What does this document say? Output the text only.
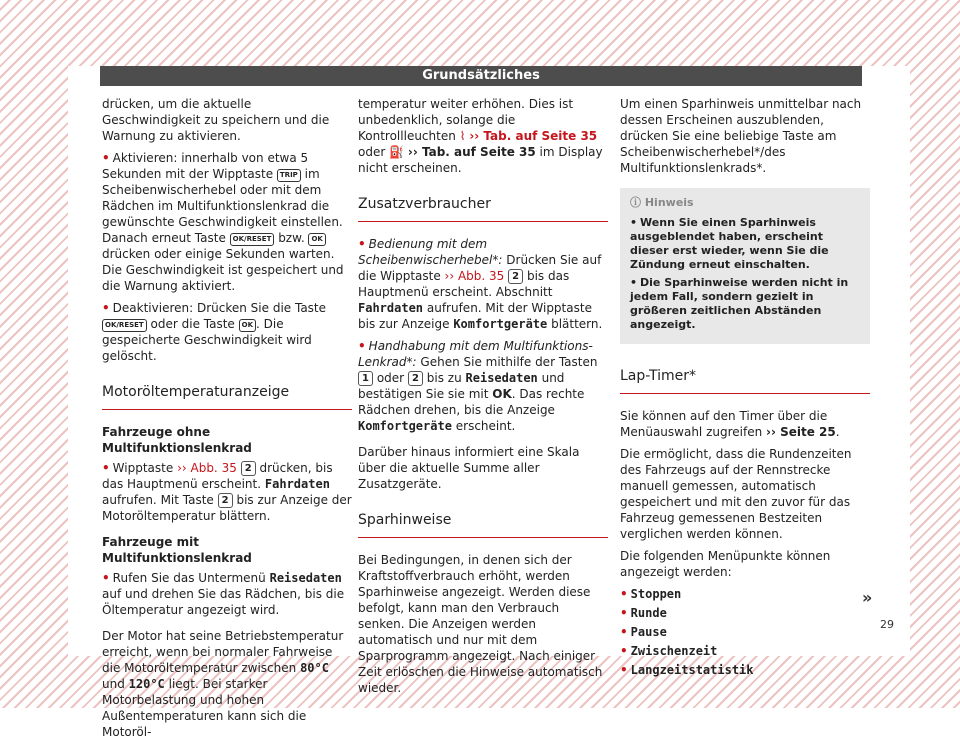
Grundsätzliches

drücken, um die aktuelle Geschwindigkeit zu speichern und die Warnung zu aktivieren.

• Aktivieren: innerhalb von etwa 5 Sekunden mit der Wipptaste TRIP im Scheibenwischerhebel oder mit dem Rädchen im Multifunktionslenkrad die gewünschte Geschwindigkeit einstellen. Danach erneut Taste OK/RESET bzw. OK drücken oder einige Sekunden warten. Die Geschwindigkeit ist gespeichert und die Warnung aktiviert.

• Deaktivieren: Drücken Sie die Taste OK/RESET oder die Taste OK . Die gespeicherte Geschwindigkeit wird gelöscht.

Motoröltemperaturanzeige
Fahrzeuge ohne Multifunktionslenkrad

• Wipptaste ›› Abb. 35 2 drücken, bis das Hauptmenü erscheint. Fahrdaten aufrufen. Mit Taste 2 bis zur Anzeige der Motoröltemperatur blättern.

Fahrzeuge mit Multifunktionslenkrad

• Rufen Sie das Untermenü Reisedaten auf und drehen Sie das Rädchen, bis die Öltemperatur angezeigt wird.

Der Motor hat seine Betriebstemperatur erreicht, wenn bei normaler Fahrweise die Motoröltemperatur zwischen 80°C und 120°C liegt. Bei starker Motorbelastung und hohen Außentemperaturen kann sich die Motoröl-

temperatur weiter erhöhen. Dies ist unbedenklich, solange die Kontrollleuchten ⌇ ›› Tab. auf Seite 35 oder ⛽ ›› Tab. auf Seite 35 im Display nicht erscheinen.

Zusatzverbraucher

• Bedienung mit dem Scheibenwischerhebel*: Drücken Sie auf die Wipptaste ›› Abb. 35 2 bis das Hauptmenü erscheint. Abschnitt Fahrdaten aufrufen. Mit der Wipptaste bis zur Anzeige Komfortgeräte blättern.

• Handhabung mit dem Multifunktions-Lenkrad*: Gehen Sie mithilfe der Tasten 1 oder 2 bis zu Reisedaten und bestätigen Sie sie mit OK. Das rechte Rädchen drehen, bis die Anzeige Komfortgeräte erscheint.

Darüber hinaus informiert eine Skala über die aktuelle Summe aller Zusatzgeräte.

Sparhinweise

Bei Bedingungen, in denen sich der Kraftstoffverbrauch erhöht, werden Sparhinweise angezeigt. Werden diese befolgt, kann man den Verbrauch senken. Die Anzeigen werden automatisch und nur mit dem Sparprogramm angezeigt. Nach einiger Zeit erlöschen die Hinweise automatisch wieder.

Um einen Sparhinweis unmittelbar nach dessen Erscheinen auszublenden, drücken Sie eine beliebige Taste am Scheibenwischerhebel*/des Multifunktionslenkrads*.

ⓘ Hinweis
• Wenn Sie einen Sparhinweis ausgeblendet haben, erscheint dieser erst wieder, wenn Sie die Zündung erneut einschalten.
• Die Sparhinweise werden nicht in jedem Fall, sondern gezielt in größeren zeitlichen Abständen angezeigt.
Lap-Timer*

Sie können auf den Timer über die Menüauswahl zugreifen ›› Seite 25.

Die ermöglicht, dass die Rundenzeiten des Fahrzeugs auf der Rennstrecke manuell gemessen, automatisch gespeichert und mit den zuvor für das Fahrzeug gemessenen Bestzeiten verglichen werden können.

Die folgenden Menüpunkte können angezeigt werden:

• Stoppen
• Runde
• Pause
• Zwischenzeit
• Langzeitstatistik
»
29
